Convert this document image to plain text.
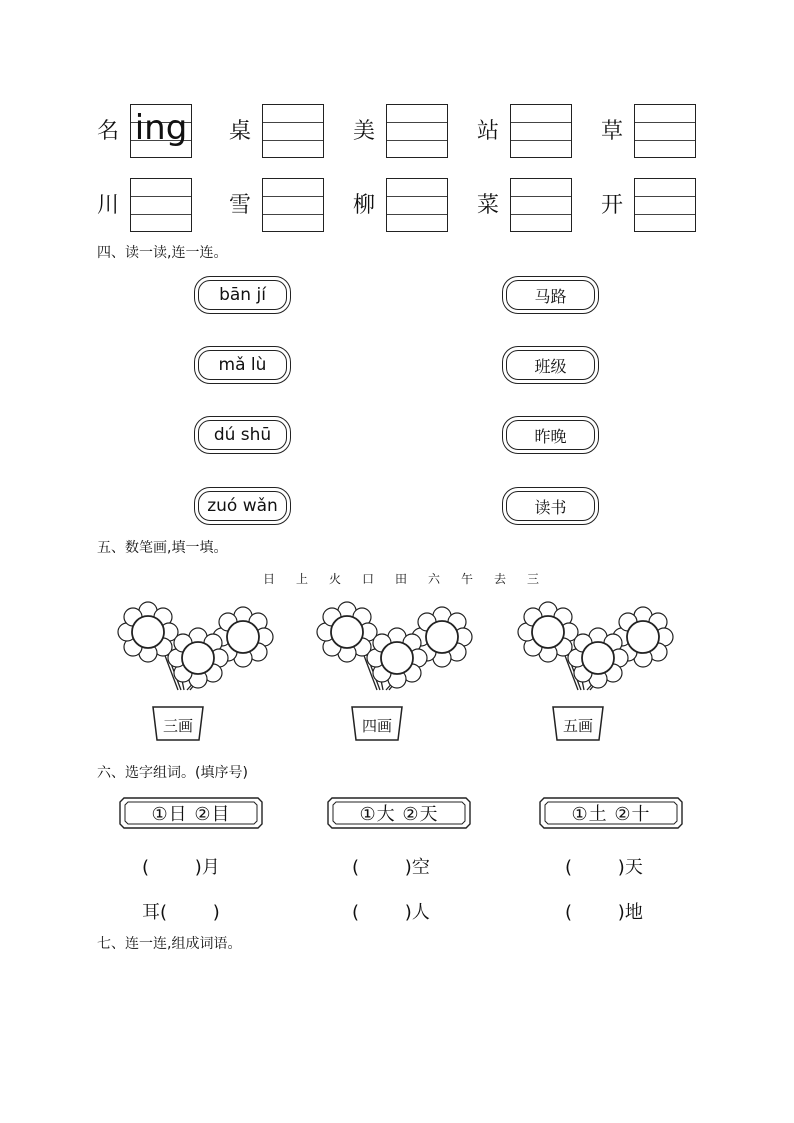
名 ing 桌	美	站	草
川	雪	柳	菜	开
四、读一读,连一连。
bān jí
mǎ lù
dú shū
zuó wǎn
马路
班级
昨晚
读书
五、数笔画,填一填。
日	上	火	口	田	六	午	去	三
三画	四画	五画
六、选字组词。(填序号)
①日 ②目	①大 ②天	①土 ②十
(        )月	(        )空	(        )天
耳(        )	(        )人	(        )地
七、连一连,组成词语。
